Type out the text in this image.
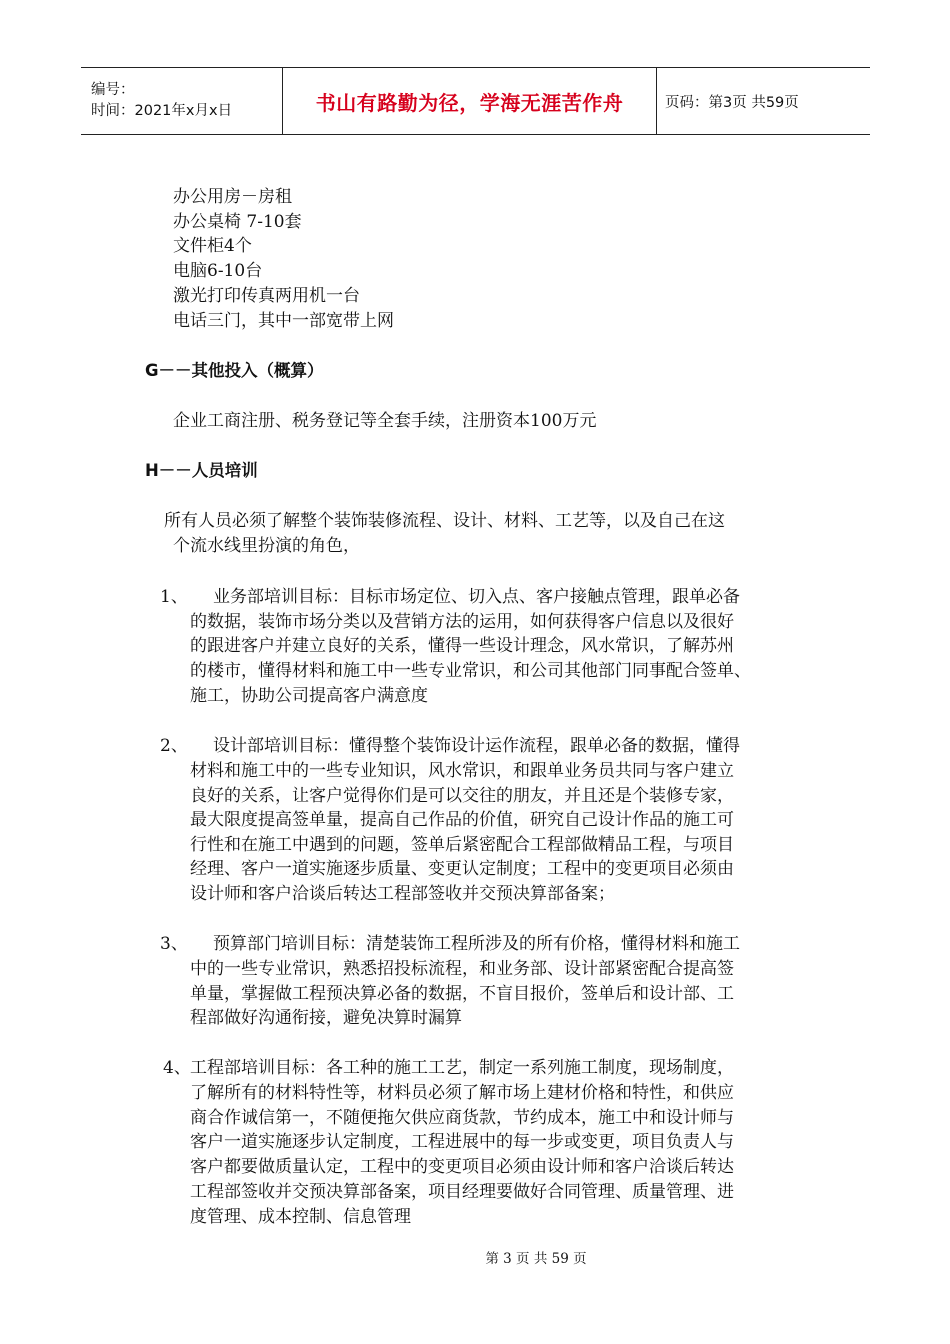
编号：
时间：2021年x月x日	书山有路勤为径，学海无涯苦作舟	页码：第3页 共59页
办公用房－房租
办公桌椅 7-10套
文件柜4个
电脑6-10台
激光打印传真两用机一台
电话三门，其中一部宽带上网
G－－其他投入（概算）
企业工商注册、税务登记等全套手续，注册资本100万元
H－－人员培训
所有人员必须了解整个装饰装修流程、设计、材料、工艺等，以及自己在这
个流水线里扮演的角色，
1、 业务部培训目标：目标市场定位、切入点、客户接触点管理，跟单必备
的数据，装饰市场分类以及营销方法的运用，如何获得客户信息以及很好
的跟进客户并建立良好的关系，懂得一些设计理念，风水常识，了解苏州
的楼市，懂得材料和施工中一些专业常识，和公司其他部门同事配合签单、
施工，协助公司提高客户满意度
2、 设计部培训目标：懂得整个装饰设计运作流程，跟单必备的数据，懂得
材料和施工中的一些专业知识，风水常识，和跟单业务员共同与客户建立
良好的关系，让客户觉得你们是可以交往的朋友，并且还是个装修专家，
最大限度提高签单量，提高自己作品的价值，研究自己设计作品的施工可
行性和在施工中遇到的问题，签单后紧密配合工程部做精品工程，与项目
经理、客户一道实施逐步质量、变更认定制度；工程中的变更项目必须由
设计师和客户洽谈后转达工程部签收并交预决算部备案；
3、 预算部门培训目标：清楚装饰工程所涉及的所有价格，懂得材料和施工
中的一些专业常识，熟悉招投标流程，和业务部、设计部紧密配合提高签
单量，掌握做工程预决算必备的数据，不盲目报价，签单后和设计部、工
程部做好沟通衔接，避免决算时漏算
4、 工程部培训目标：各工种的施工工艺，制定一系列施工制度，现场制度，
了解所有的材料特性等，材料员必须了解市场上建材价格和特性，和供应
商合作诚信第一，不随便拖欠供应商货款，节约成本，施工中和设计师与
客户一道实施逐步认定制度，工程进展中的每一步或变更，项目负责人与
客户都要做质量认定，工程中的变更项目必须由设计师和客户洽谈后转达
工程部签收并交预决算部备案，项目经理要做好合同管理、质量管理、进
度管理、成本控制、信息管理
第 3 页 共 59 页
